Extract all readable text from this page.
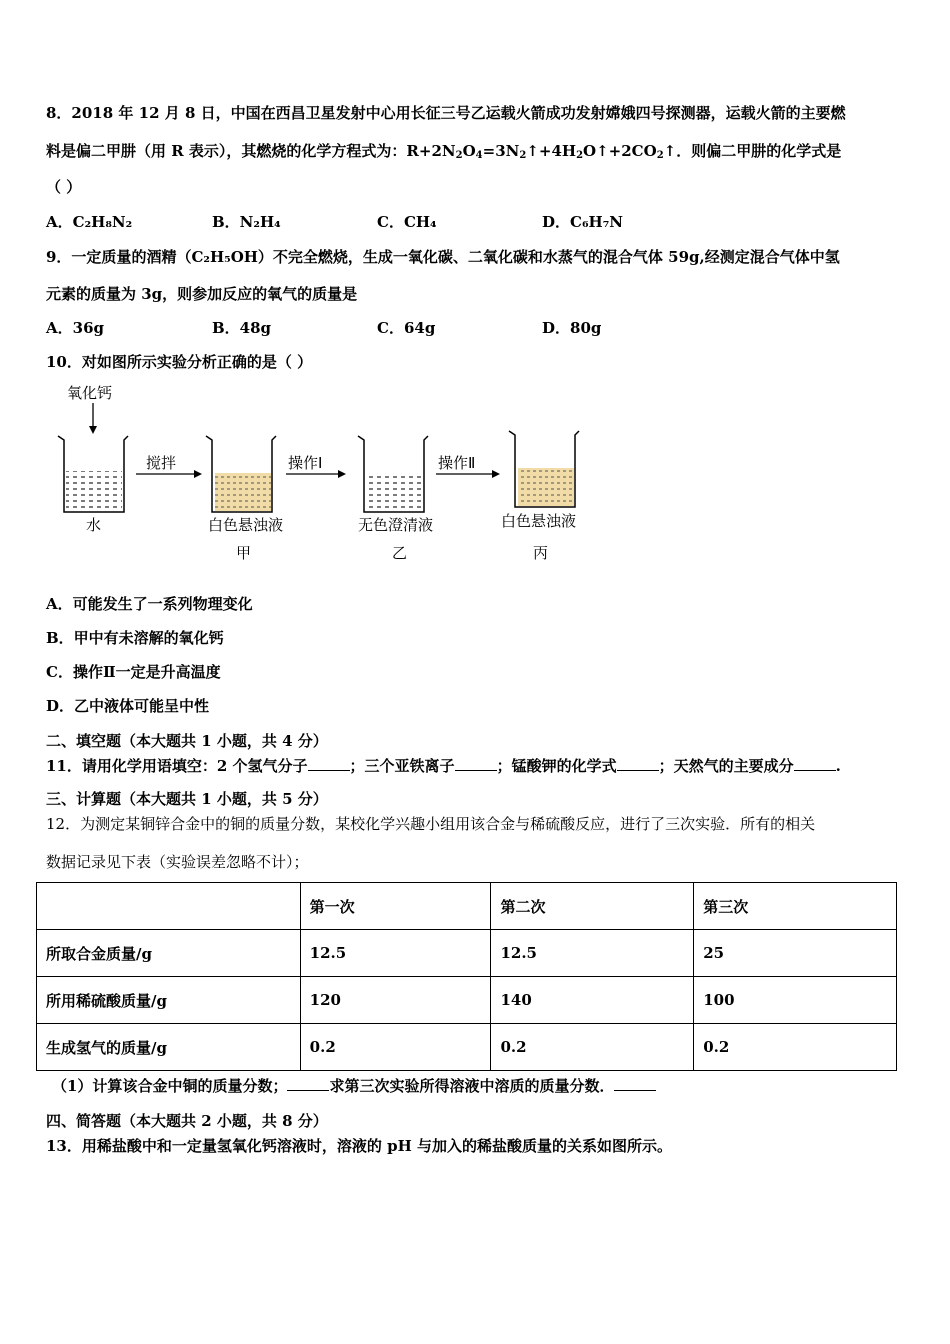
8．2018 年 12 月 8 日，中国在西昌卫星发射中心用长征三号乙运载火箭成功发射嫦娥四号探测器，运载火箭的主要燃
料是偏二甲肼（用 R 表示），其燃烧的化学方程式为：$R+2N_2O_4=3N_2↑+4H_2O↑+2CO_2↑$．则偏二甲肼的化学式是
（ ）
A．C₂H₈N₂	B．N₂H₄	C．CH₄	D．C₆H₇N
9．一定质量的酒精（C₂H₅OH）不完全燃烧，生成一氧化碳、二氧化碳和水蒸气的混合气体 59g,经测定混合气体中氢
元素的质量为 3g，则参加反应的氧气的质量是
A．36g	B．48g	C．64g	D．80g
10．对如图所示实验分析正确的是（ ）
氧化钙
水
搅拌
白色悬浊液
甲
操作Ⅰ
无色澄清液
乙
操作Ⅱ
白色悬浊液
丙
A．可能发生了一系列物理变化
B．甲中有未溶解的氧化钙
C．操作Ⅱ一定是升高温度
D．乙中液体可能呈中性
二、填空题（本大题共 1 小题，共 4 分）
11．请用化学用语填空：2 个氢气分子	；三个亚铁离子	；锰酸钾的化学式	；天然气的主要成分	.
三、计算题（本大题共 1 小题，共 5 分）
12．为测定某铜锌合金中的铜的质量分数，某校化学兴趣小组用该合金与稀硫酸反应，进行了三次实验．所有的相关
数据记录见下表（实验误差忽略不计）；
	第一次	第二次	第三次
所取合金质量/g	12.5	12.5	25
所用稀硫酸质量/g	120	140	100
生成氢气的质量/g	0.2	0.2	0.2
（1）计算该合金中铜的质量分数；	求第三次实验所得溶液中溶质的质量分数．
四、简答题（本大题共 2 小题，共 8 分）
13．用稀盐酸中和一定量氢氧化钙溶液时，溶液的 pH 与加入的稀盐酸质量的关系如图所示。
